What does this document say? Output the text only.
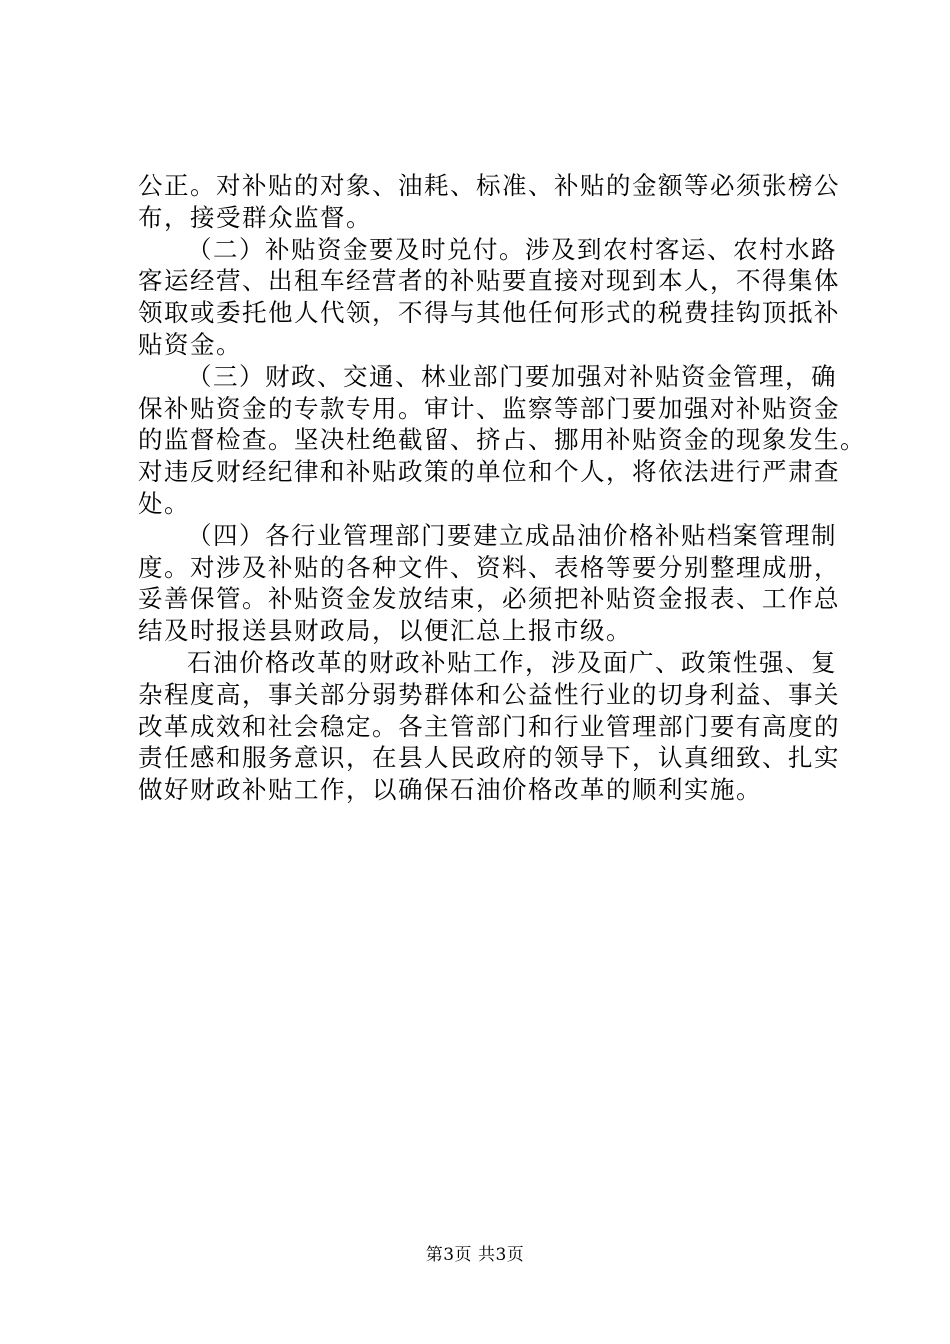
公正。对补贴的对象、油耗、标准、补贴的金额等必须张榜公
布，接受群众监督。
（二）补贴资金要及时兑付。涉及到农村客运、农村水路
客运经营、出租车经营者的补贴要直接对现到本人，不得集体
领取或委托他人代领，不得与其他任何形式的税费挂钩顶抵补
贴资金。
（三）财政、交通、林业部门要加强对补贴资金管理，确
保补贴资金的专款专用。审计、监察等部门要加强对补贴资金
的监督检查。坚决杜绝截留、挤占、挪用补贴资金的现象发生。
对违反财经纪律和补贴政策的单位和个人，将依法进行严肃查
处。
（四）各行业管理部门要建立成品油价格补贴档案管理制
度。对涉及补贴的各种文件、资料、表格等要分别整理成册，
妥善保管。补贴资金发放结束，必须把补贴资金报表、工作总
结及时报送县财政局，以便汇总上报市级。
石油价格改革的财政补贴工作，涉及面广、政策性强、复
杂程度高，事关部分弱势群体和公益性行业的切身利益、事关
改革成效和社会稳定。各主管部门和行业管理部门要有高度的
责任感和服务意识，在县人民政府的领导下，认真细致、扎实
做好财政补贴工作，以确保石油价格改革的顺利实施。
第3页 共3页
